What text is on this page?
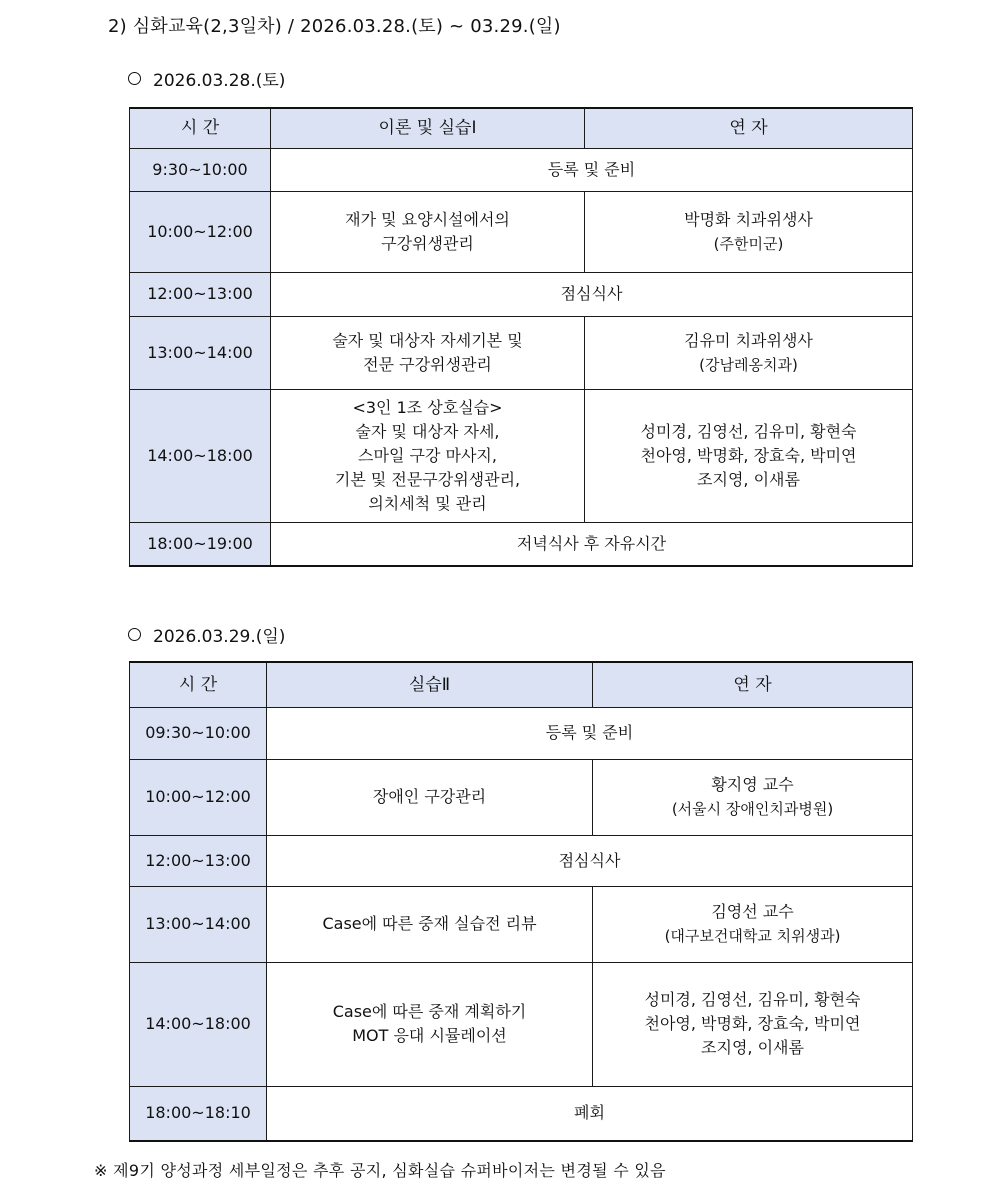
2) 심화교육(2,3일차) / 2026.03.28.(토) ~ 03.29.(일)
2026.03.28.(토)
시 간	이론 및 실습Ⅰ	연 자
9:30~10:00	등록 및 준비	
10:00~12:00	재가 및 요양시설에서의
구강위생관리	박명화 치과위생사
(주한미군)

12:00~13:00	점심식사	
13:00~14:00	술자 및 대상자 자세기본 및
전문 구강위생관리	김유미 치과위생사
(강남레옹치과)

14:00~18:00	<3인 1조 상호실습>
술자 및 대상자 자세,
스마일 구강 마사지,
기본 및 전문구강위생관리,
의치세척 및 관리	성미경, 김영선, 김유미, 황현숙
천아영, 박명화, 장효숙, 박미연
조지영, 이새롬

18:00~19:00	저녁식사 후 자유시간	
2026.03.29.(일)
시 간	실습Ⅱ	연 자
09:30~10:00	등록 및 준비	
10:00~12:00	장애인 구강관리	황지영 교수
(서울시 장애인치과병원)

12:00~13:00	점심식사	
13:00~14:00	Case에 따른 중재 실습전 리뷰	김영선 교수
(대구보건대학교 치위생과)

14:00~18:00	Case에 따른 중재 계획하기
MOT 응대 시뮬레이션	성미경, 김영선, 김유미, 황현숙
천아영, 박명화, 장효숙, 박미연
조지영, 이새롬

18:00~18:10	폐회	
※ 제9기 양성과정 세부일정은 추후 공지, 심화실습 슈퍼바이저는 변경될 수 있음
